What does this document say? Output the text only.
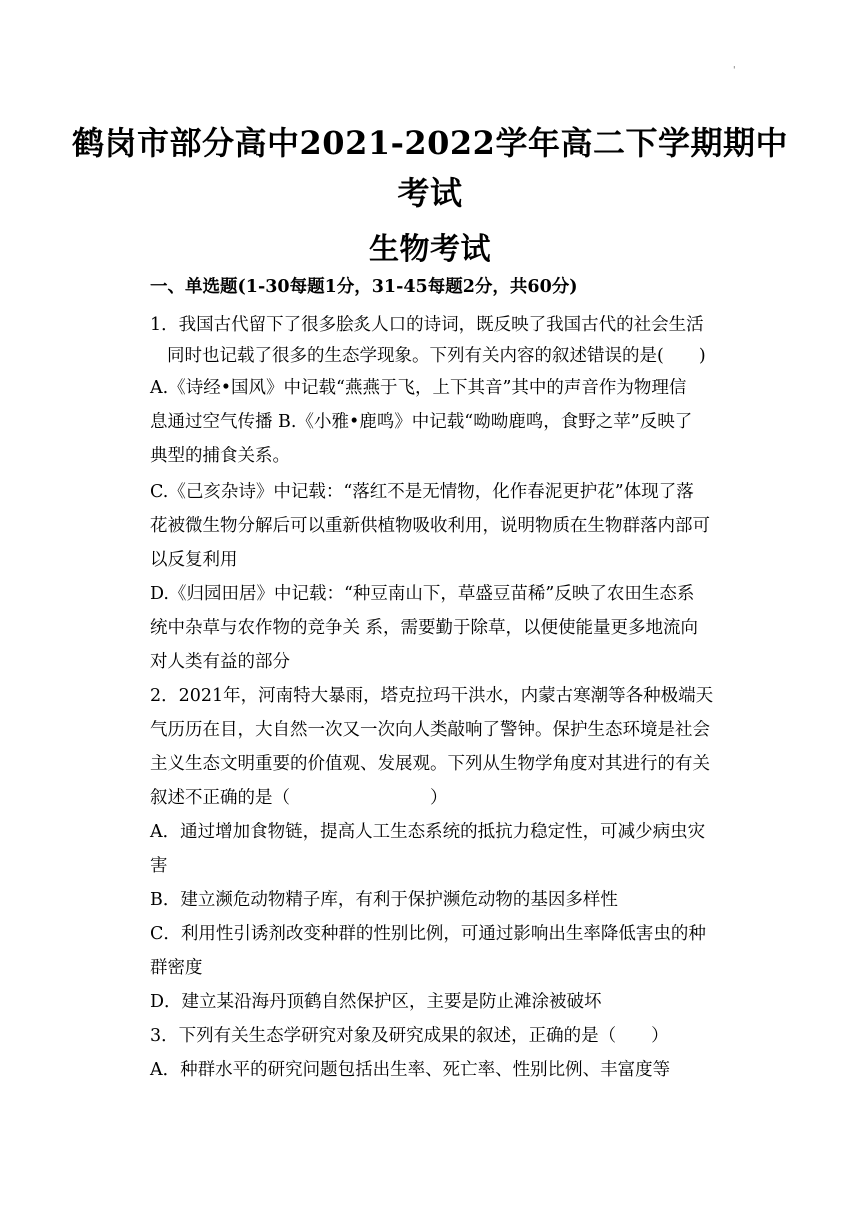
'
鹤岗市部分高中2021-2022学年高二下学期期中
考试
生物考试
一、单选题(1-30每题1分，31-45每题2分，共60分)
1．我国古代留下了很多脍炙人口的诗词，既反映了我国古代的社会生活
同时也记载了很多的生态学现象。下列有关内容的叙述错误的是(　　)
A.《诗经•国风》中记载“燕燕于飞，上下其音”其中的声音作为物理信
息通过空气传播 B.《小雅•鹿鸣》中记载“呦呦鹿鸣，食野之苹”反映了
典型的捕食关系。
C.《己亥杂诗》中记载：“落红不是无情物，化作春泥更护花”体现了落
花被微生物分解后可以重新供植物吸收利用，说明物质在生物群落内部可
以反复利用
D.《归园田居》中记载：“种豆南山下，草盛豆苗稀”反映了农田生态系
统中杂草与农作物的竞争关 系，需要勤于除草，以便使能量更多地流向
对人类有益的部分
2．2021年，河南特大暴雨，塔克拉玛干洪水，内蒙古寒潮等各种极端天
气历历在目，大自然一次又一次向人类敲响了警钟。保护生态环境是社会
主义生态文明重要的价值观、发展观。下列从生物学角度对其进行的有关
叙述不正确的是（　　　　　　　　）
A．通过增加食物链，提高人工生态系统的抵抗力稳定性，可减少病虫灾
害
B．建立濒危动物精子库，有利于保护濒危动物的基因多样性
C．利用性引诱剂改变种群的性别比例，可通过影响出生率降低害虫的种
群密度
D．建立某沿海丹顶鹤自然保护区，主要是防止滩涂被破坏
3．下列有关生态学研究对象及研究成果的叙述，正确的是（　　）
A．种群水平的研究问题包括出生率、死亡率、性别比例、丰富度等
